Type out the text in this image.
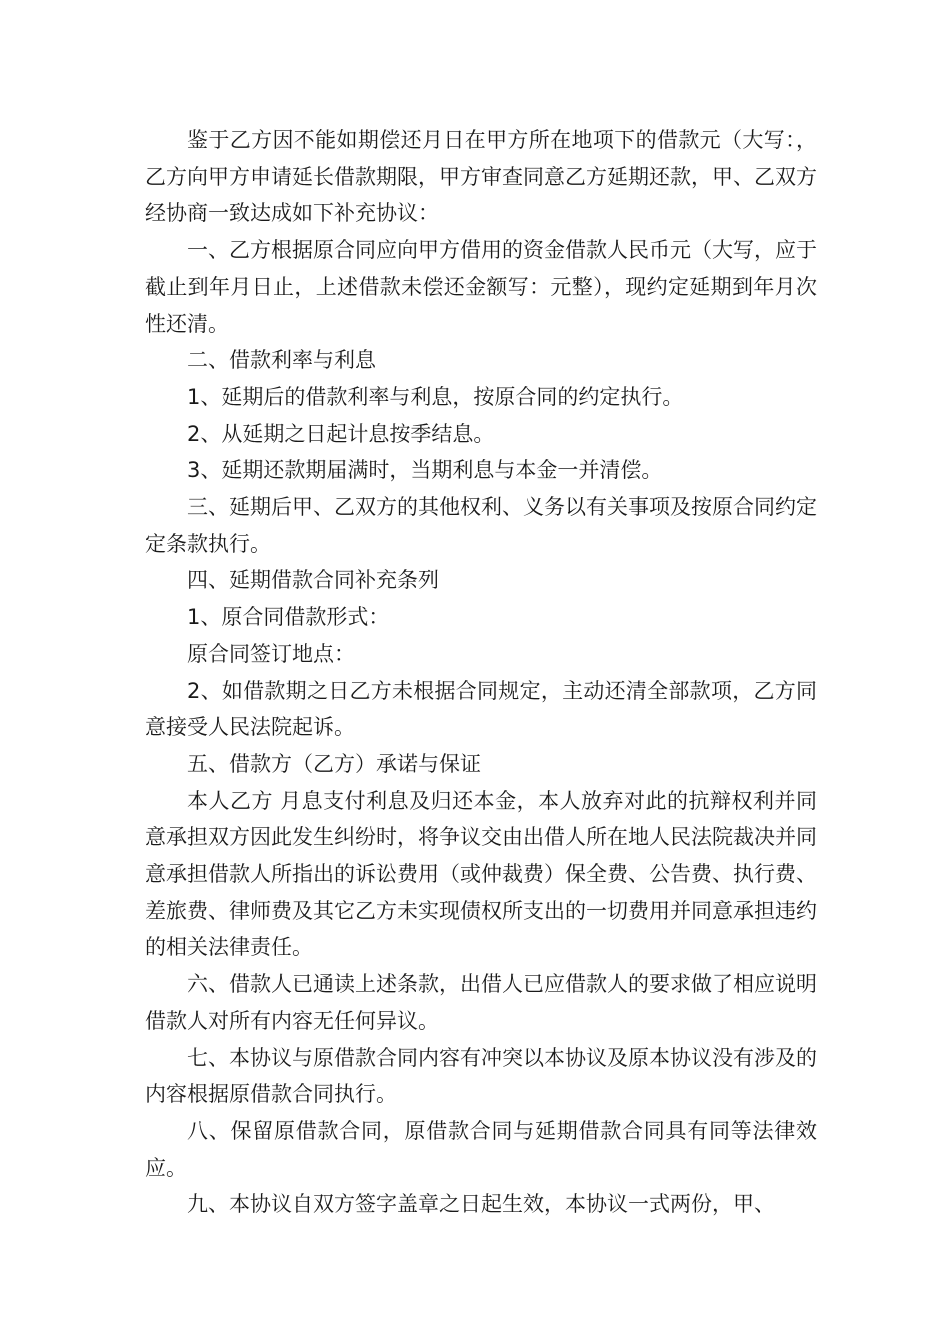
鉴于乙方因不能如期偿还月日在甲方所在地项下的借款元（大写：，乙方向甲方申请延长借款期限，甲方审查同意乙方延期还款，甲、乙双方经协商一致达成如下补充协议：

一、乙方根据原合同应向甲方借用的资金借款人民币元（大写，应于截止到年月日止，上述借款未偿还金额写：元整），现约定延期到年月次性还清。

二、借款利率与利息

1、延期后的借款利率与利息，按原合同的约定执行。

2、从延期之日起计息按季结息。

3、延期还款期届满时，当期利息与本金一并清偿。

三、延期后甲、乙双方的其他权利、义务以有关事项及按原合同约定定条款执行。

四、延期借款合同补充条列

1、原合同借款形式：

原合同签订地点：

2、如借款期之日乙方未根据合同规定，主动还清全部款项，乙方同意接受人民法院起诉。

五、借款方（乙方）承诺与保证

本人乙方 月息支付利息及归还本金，本人放弃对此的抗辩权利并同意承担双方因此发生纠纷时，将争议交由出借人所在地人民法院裁决并同意承担借款人所指出的诉讼费用（或仲裁费）保全费、公告费、执行费、差旅费、律师费及其它乙方未实现债权所支出的一切费用并同意承担违约的相关法律责任。

六、借款人已通读上述条款，出借人已应借款人的要求做了相应说明借款人对所有内容无任何异议。

七、本协议与原借款合同内容有冲突以本协议及原本协议没有涉及的内容根据原借款合同执行。

八、保留原借款合同，原借款合同与延期借款合同具有同等法律效应。

九、本协议自双方签字盖章之日起生效，本协议一式两份，甲、
